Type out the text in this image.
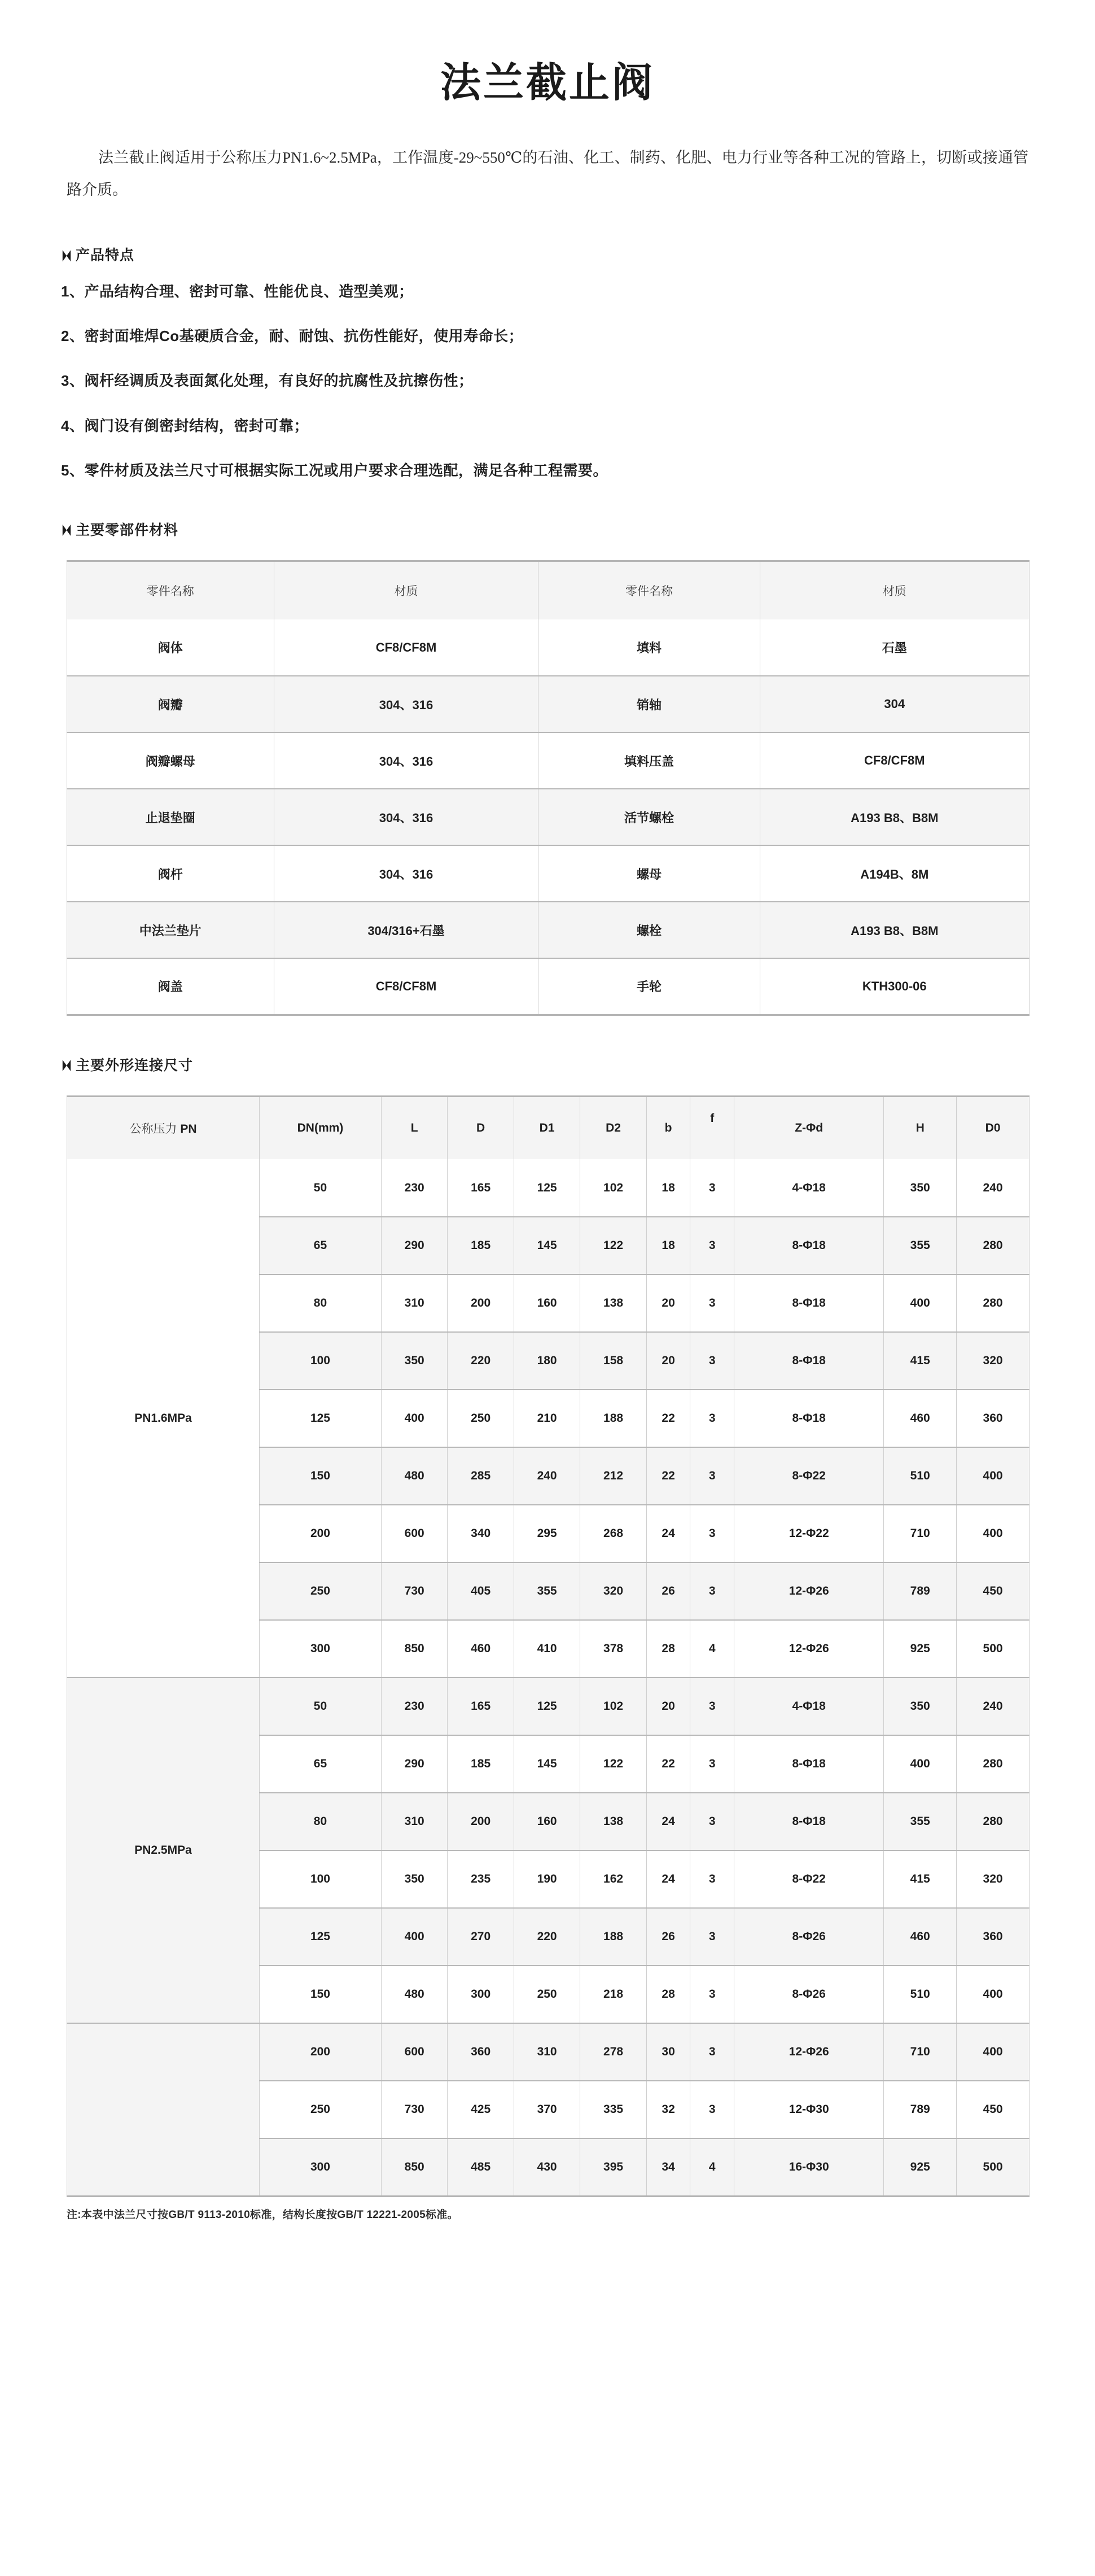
法兰截止阀

法兰截止阀适用于公称压力PN1.6~2.5MPa，工作温度-29~550℃的石油、化工、制药、化肥、电力行业等各种工况的管路上，切断或接通管路介质。

产品特点
1、产品结构合理、密封可靠、性能优良、造型美观；
2、密封面堆焊Co基硬质合金，耐、耐蚀、抗伤性能好，使用寿命长；
3、阀杆经调质及表面氮化处理，有良好的抗腐性及抗擦伤性；
4、阀门设有倒密封结构，密封可靠；
5、零件材质及法兰尺寸可根据实际工况或用户要求合理选配，满足各种工程需要。
主要零部件材料
零件名称	材质	零件名称	材质
阀体	CF8/CF8M	填料	石墨
阀瓣	304、316	销轴	304
阀瓣螺母	304、316	填料压盖	CF8/CF8M
止退垫圈	304、316	活节螺栓	A193 B8、B8M
阀杆	304、316	螺母	A194B、8M
中法兰垫片	304/316+石墨	螺栓	A193 B8、B8M
阀盖	CF8/CF8M	手轮	KTH300-06
主要外形连接尺寸
公称压力 PN	DN(mm)	L	D	D1	D2	b	f	Z-Φd	H	D0
PN1.6MPa	50	230	165	125	102	18	3	4-Φ18	350	240
	65	290	185	145	122	18	3	8-Φ18	355	280
	80	310	200	160	138	20	3	8-Φ18	400	280
	100	350	220	180	158	20	3	8-Φ18	415	320
	125	400	250	210	188	22	3	8-Φ18	460	360
	150	480	285	240	212	22	3	8-Φ22	510	400
	200	600	340	295	268	24	3	12-Φ22	710	400
	250	730	405	355	320	26	3	12-Φ26	789	450
	300	850	460	410	378	28	4	12-Φ26	925	500
PN2.5MPa	50	230	165	125	102	20	3	4-Φ18	350	240
	65	290	185	145	122	22	3	8-Φ18	400	280
	80	310	200	160	138	24	3	8-Φ18	355	280
	100	350	235	190	162	24	3	8-Φ22	415	320
	125	400	270	220	188	26	3	8-Φ26	460	360
	150	480	300	250	218	28	3	8-Φ26	510	400
	200	600	360	310	278	30	3	12-Φ26	710	400
	250	730	425	370	335	32	3	12-Φ30	789	450
	300	850	485	430	395	34	4	16-Φ30	925	500
注:本表中法兰尺寸按GB/T 9113-2010标准，结构长度按GB/T 12221-2005标准。
